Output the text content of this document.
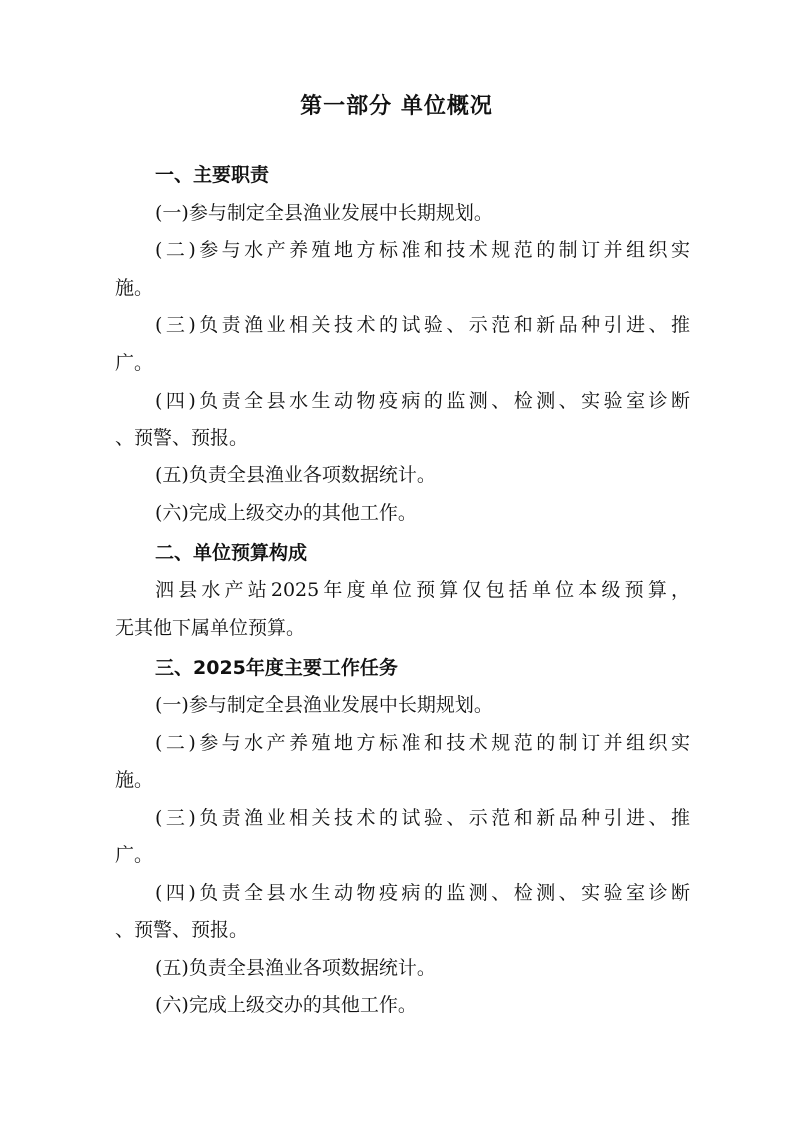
第一部分 单位概况
一、主要职责
(一)参与制定全县渔业发展中长期规划。
(二)参与水产养殖地方标准和技术规范的制订并组织实
施。
(三)负责渔业相关技术的试验、示范和新品种引进、推
广。
(四)负责全县水生动物疫病的监测、检测、实验室诊断
、预警、预报。
(五)负责全县渔业各项数据统计。
(六)完成上级交办的其他工作。
二、单位预算构成
泗县水产站2025年度单位预算仅包括单位本级预算，
无其他下属单位预算。
三、2025年度主要工作任务
(一)参与制定全县渔业发展中长期规划。
(二)参与水产养殖地方标准和技术规范的制订并组织实
施。
(三)负责渔业相关技术的试验、示范和新品种引进、推
广。
(四)负责全县水生动物疫病的监测、检测、实验室诊断
、预警、预报。
(五)负责全县渔业各项数据统计。
(六)完成上级交办的其他工作。
